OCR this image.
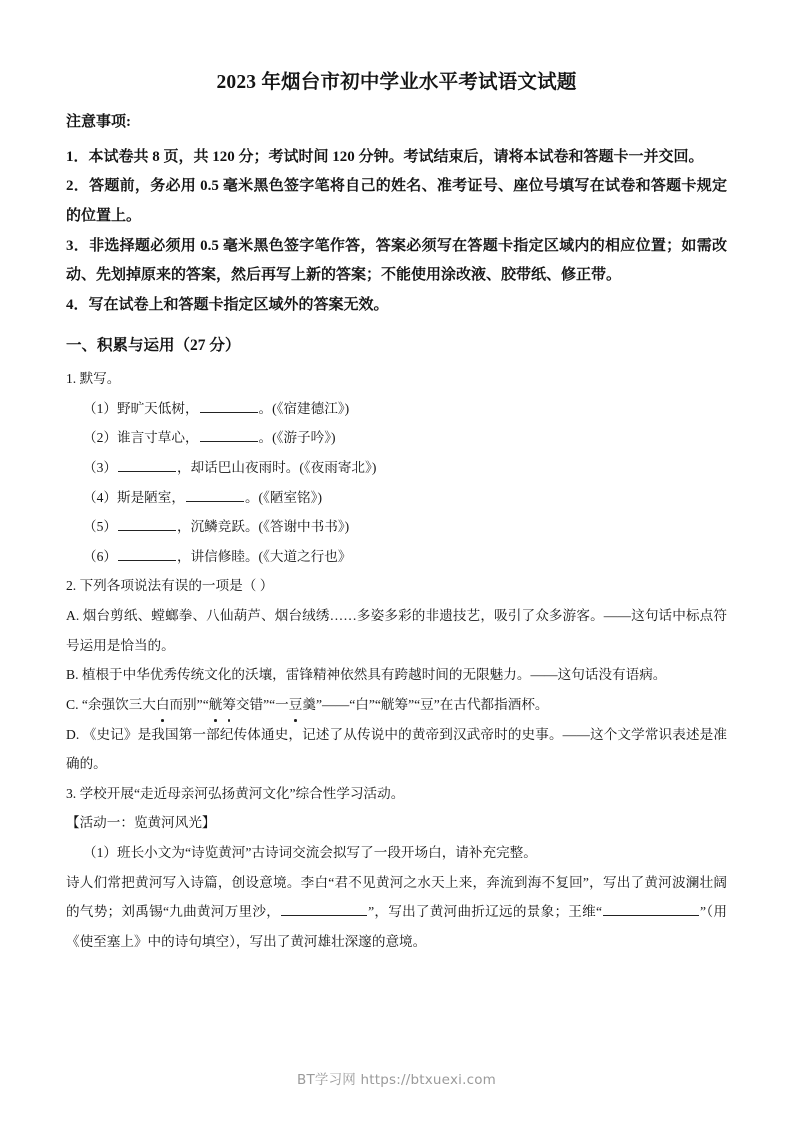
2023 年烟台市初中学业水平考试语文试题

注意事项:

1．本试卷共 8 页，共 120 分；考试时间 120 分钟。考试结束后，请将本试卷和答题卡一并交回。

2．答题前，务必用 0.5 毫米黑色签字笔将自己的姓名、准考证号、座位号填写在试卷和答题卡规定的位置上。

3．非选择题必须用 0.5 毫米黑色签字笔作答，答案必须写在答题卡指定区域内的相应位置；如需改动、先划掉原来的答案，然后再写上新的答案；不能使用涂改液、胶带纸、修正带。

4．写在试卷上和答题卡指定区域外的答案无效。

一、积累与运用（27 分）

1. 默写。

（1）野旷天低树，	。(《宿建德江》)

（2）谁言寸草心，	。(《游子吟》)

（3）	，却话巴山夜雨时。(《夜雨寄北》)

（4）斯是陋室，	。(《陋室铭》)

（5）	，沉鳞竞跃。(《答谢中书书》)

（6）	，讲信修睦。(《大道之行也》

2. 下列各项说法有误的一项是（ ）

A. 烟台剪纸、螳螂拳、八仙葫芦、烟台绒绣……多姿多彩的非遗技艺，吸引了众多游客。——这句话中标点符号运用是恰当的。

B. 植根于中华优秀传统文化的沃壤，雷锋精神依然具有跨越时间的无限魅力。——这句话没有语病。

C. “余强饮三大白而别”“觥筹交错”“一豆羹”——“白”“觥筹”“豆”在古代都指酒杯。

D. 《史记》是我国第一部纪传体通史，记述了从传说中的黄帝到汉武帝时的史事。——这个文学常识表述是准确的。

3. 学校开展“走近母亲河弘扬黄河文化”综合性学习活动。

【活动一：览黄河风光】

（1）班长小文为“诗览黄河”古诗词交流会拟写了一段开场白，请补充完整。

诗人们常把黄河写入诗篇，创设意境。李白“君不见黄河之水天上来，奔流到海不复回”，写出了黄河波澜壮阔的气势；刘禹锡“九曲黄河万里沙，	”，写出了黄河曲折辽远的景象；王维“	”（用《使至塞上》中的诗句填空），写出了黄河雄壮深邃的意境。

BT学习网 https://btxuexi.com
